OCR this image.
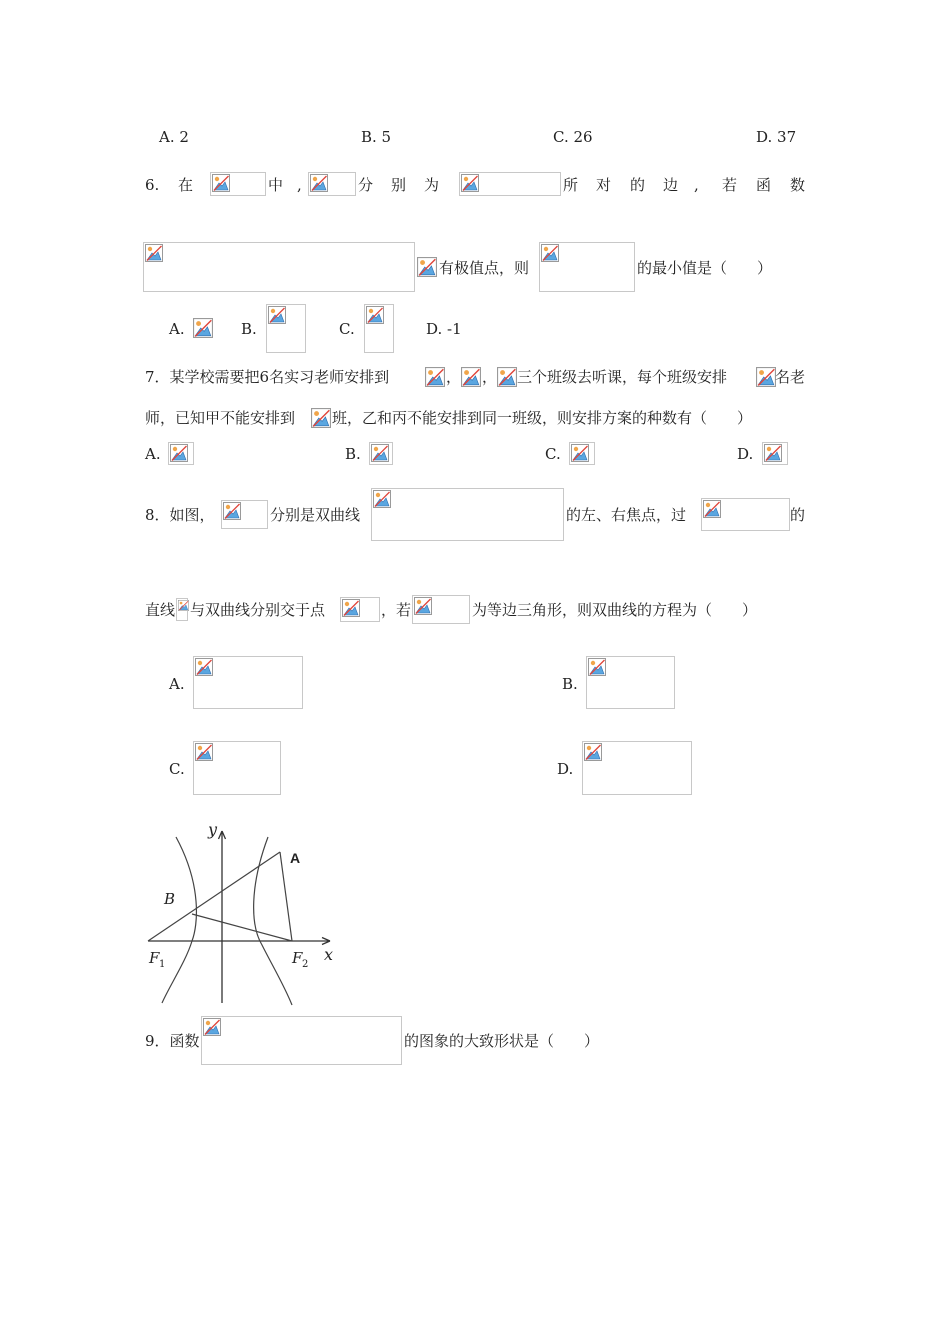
A. 2	B. 5	C. 26	D. 37
6. 在	中 ,	分 别 为	所 对 的 边 , 若 函 数
有极值点，则	的最小值是（　　）
A.	B.	C.	D. -1
7．某学校需要把6名实习老师安排到	， ， 三个班级去听课，每个班级安排	名老
师，已知甲不能安排到 班，乙和丙不能安排到同一班级，则安排方案的种数有（　　）
A.	B.	C.	D.
8．如图，	分别是双曲线	的左、右焦点，过	的
直线 与双曲线分别交于点	，若	为等边三角形，则双曲线的方程为（　　）
A.	B.
C.	D.
y
x
A
B
F 1	F 2
9．函数	的图象的大致形状是（　　）
